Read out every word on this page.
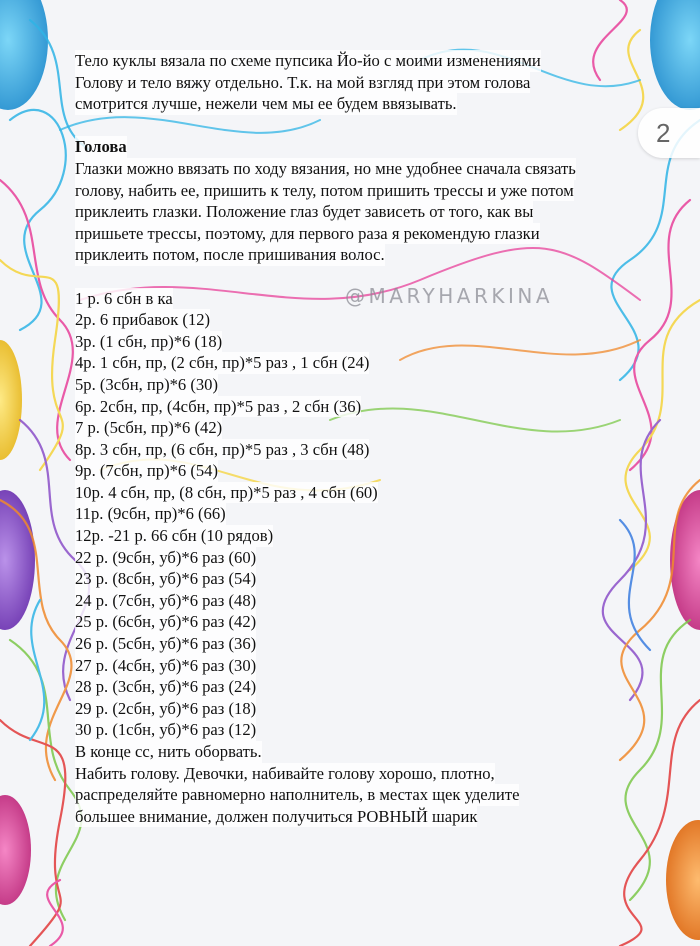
2
@MARYHARKINA
Тело куклы вязала по схеме пупсика Йо-йо с моими изменениями
Голову и тело вяжу отдельно. Т.к. на мой взгляд при этом голова
смотрится лучше, нежели чем мы ее будем ввязывать.
Голова
Глазки можно ввязать по ходу вязания, но мне удобнее сначала связать
голову, набить ее, пришить к телу, потом пришить трессы и уже потом
приклеить глазки. Положение глаз будет зависеть от того, как вы
пришьете трессы, поэтому, для первого раза я рекомендую глазки
приклеить потом, после пришивания волос.
1 р. 6 сбн в ка
2р. 6 прибавок (12)
3р. (1 сбн, пр)*6 (18)
4р. 1 сбн, пр, (2 сбн, пр)*5 раз , 1 сбн (24)
5р. (3сбн, пр)*6 (30)
6р. 2сбн, пр, (4сбн, пр)*5 раз , 2 сбн (36)
7 р. (5сбн, пр)*6 (42)
8р. 3 сбн, пр, (6 сбн, пр)*5 раз , 3 сбн (48)
9р. (7сбн, пр)*6 (54)
10р. 4 сбн, пр, (8 сбн, пр)*5 раз , 4 сбн (60)
11р. (9сбн, пр)*6 (66)
12р. -21 р. 66 сбн (10 рядов)
22 р. (9сбн, уб)*6 раз (60)
23 р. (8сбн, уб)*6 раз (54)
24 р. (7сбн, уб)*6 раз (48)
25 р. (6сбн, уб)*6 раз (42)
26 р. (5сбн, уб)*6 раз (36)
27 р. (4сбн, уб)*6 раз (30)
28 р. (3сбн, уб)*6 раз (24)
29 р. (2сбн, уб)*6 раз (18)
30 р. (1сбн, уб)*6 раз (12)
В конце сс, нить оборвать.
Набить голову. Девочки, набивайте голову хорошо, плотно,
распределяйте равномерно наполнитель, в местах щек уделите
большее внимание, должен получиться РОВНЫЙ шарик
